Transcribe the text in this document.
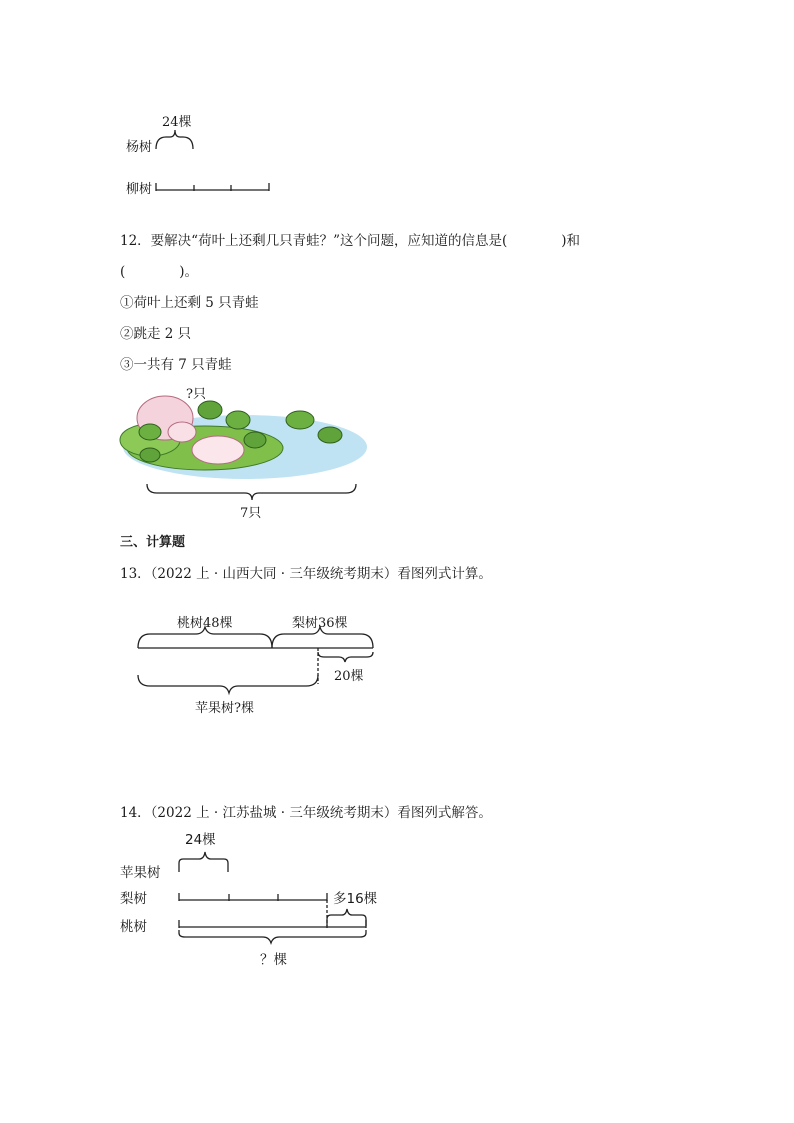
24棵
杨树
柳树
12．要解决“荷叶上还剩几只青蛙？”这个问题，应知道的信息是(　　　　)和
(　　　　)。
①荷叶上还剩 5 只青蛙
②跳走 2 只
③一共有 7 只青蛙
?只
7只
三、计算题
13．（2022 上 · 山西大同 · 三年级统考期末）看图列式计算。
桃树48棵	梨树36棵
20棵
苹果树?棵
14．（2022 上 · 江苏盐城 · 三年级统考期末）看图列式解答。
24棵
苹果树
梨树
桃树
多16棵
？棵
